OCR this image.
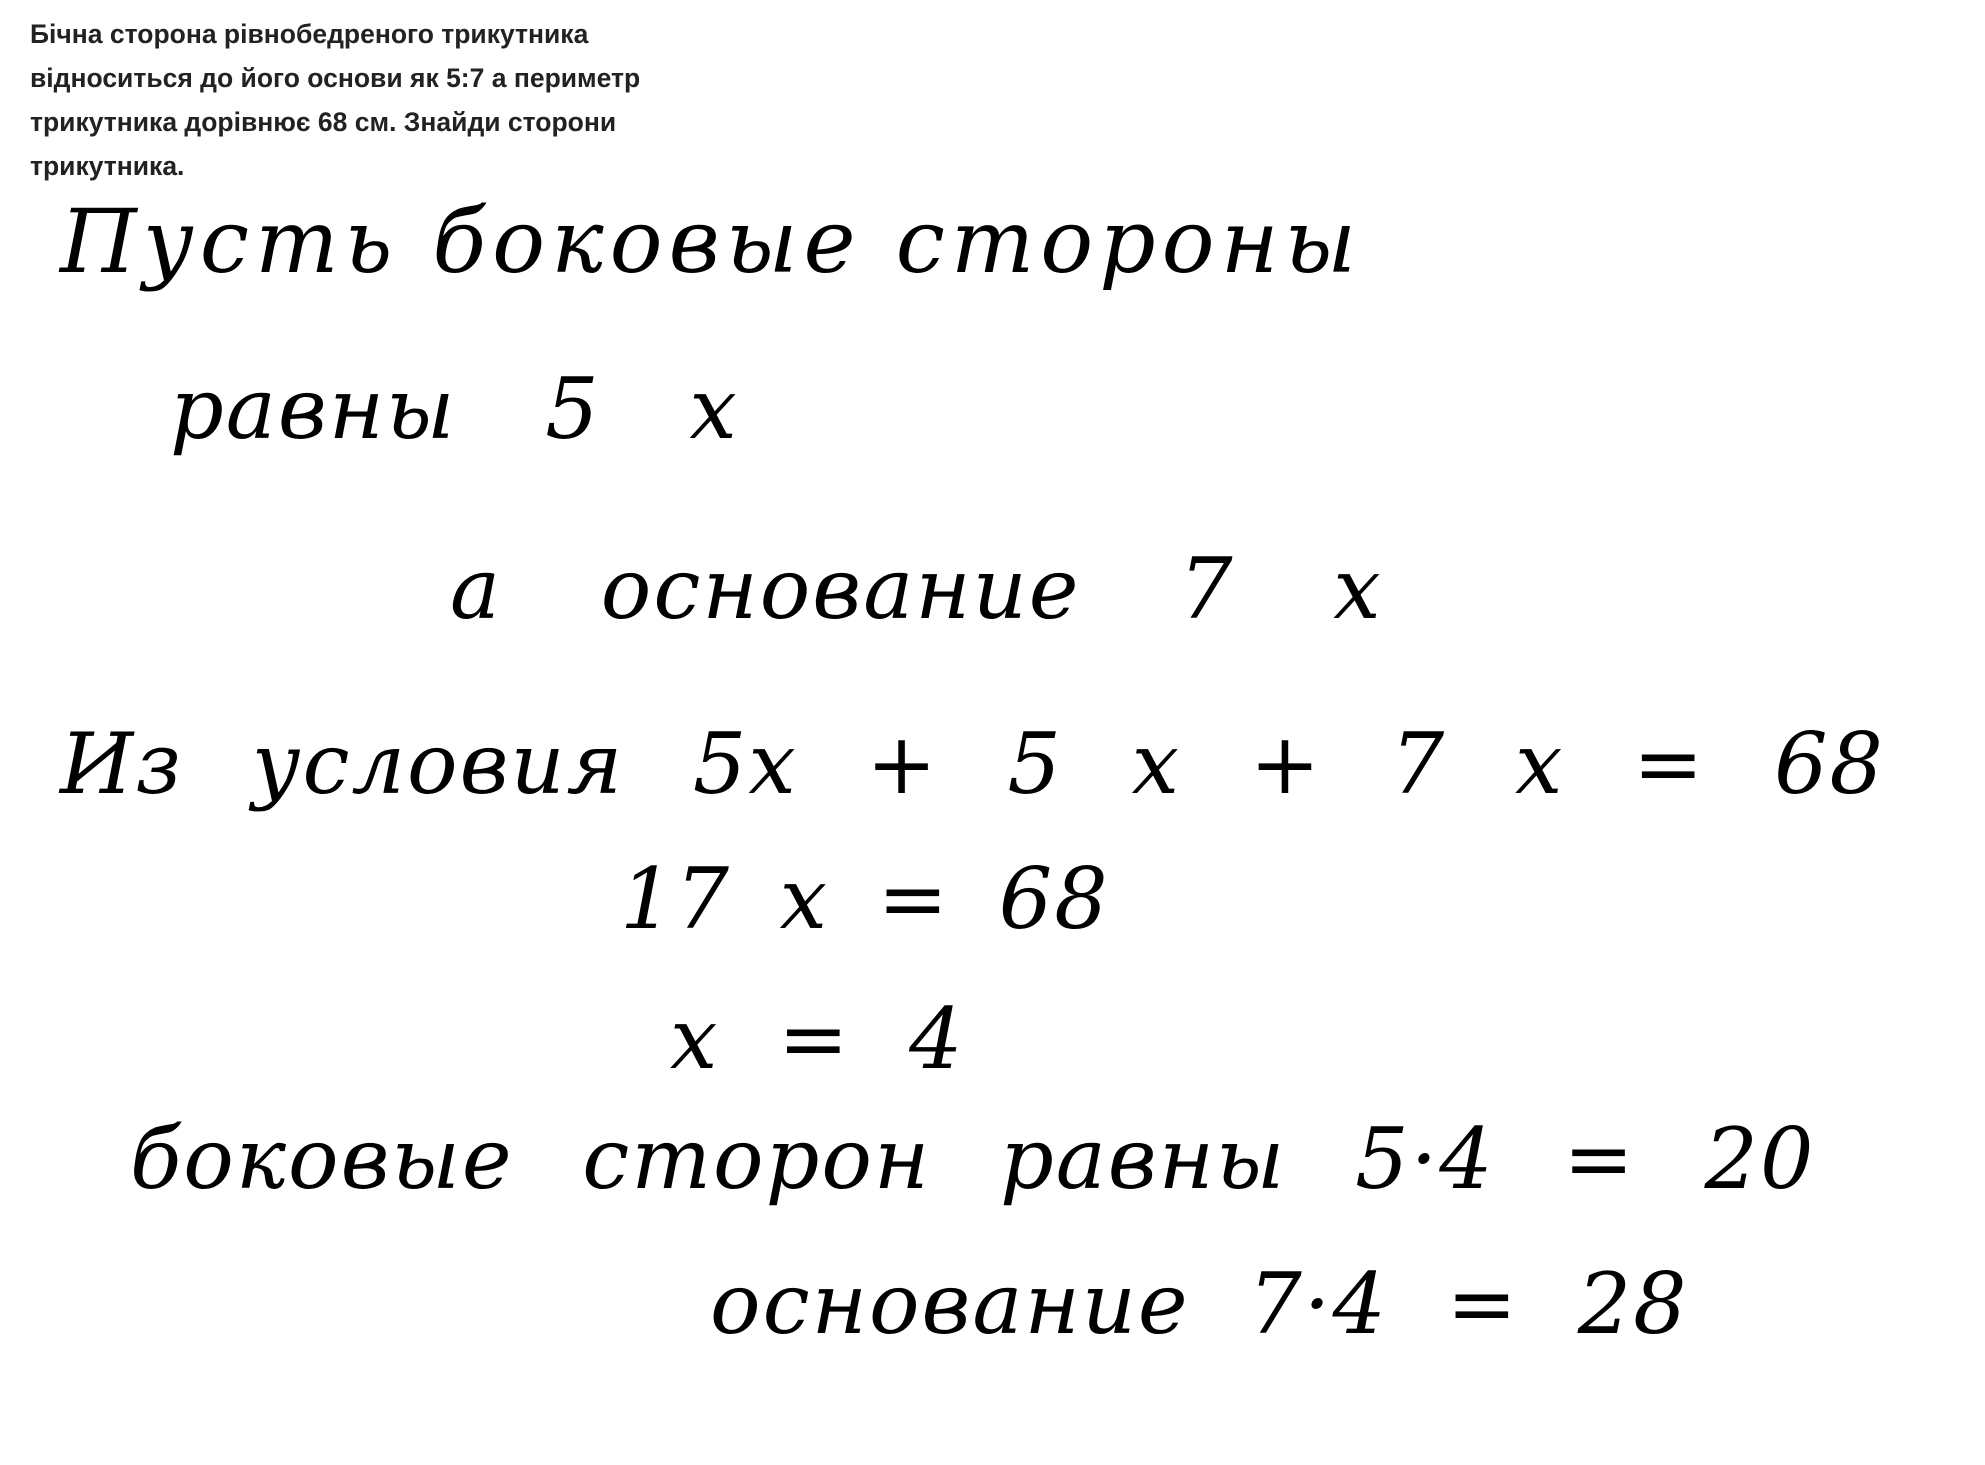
Бічна сторона рівнобедреного трикутника відноситься до його основи як 5:7 а периметр трикутника дорівнює 68 см. Знайди сторони трикутника.

Пусть боковые стороны

равны 5 x

а основание 7 x

Из условия 5x + 5 x + 7 x = 68

17 x = 68

x = 4

боковые сторон равны 5·4 = 20

основание 7·4 = 28
